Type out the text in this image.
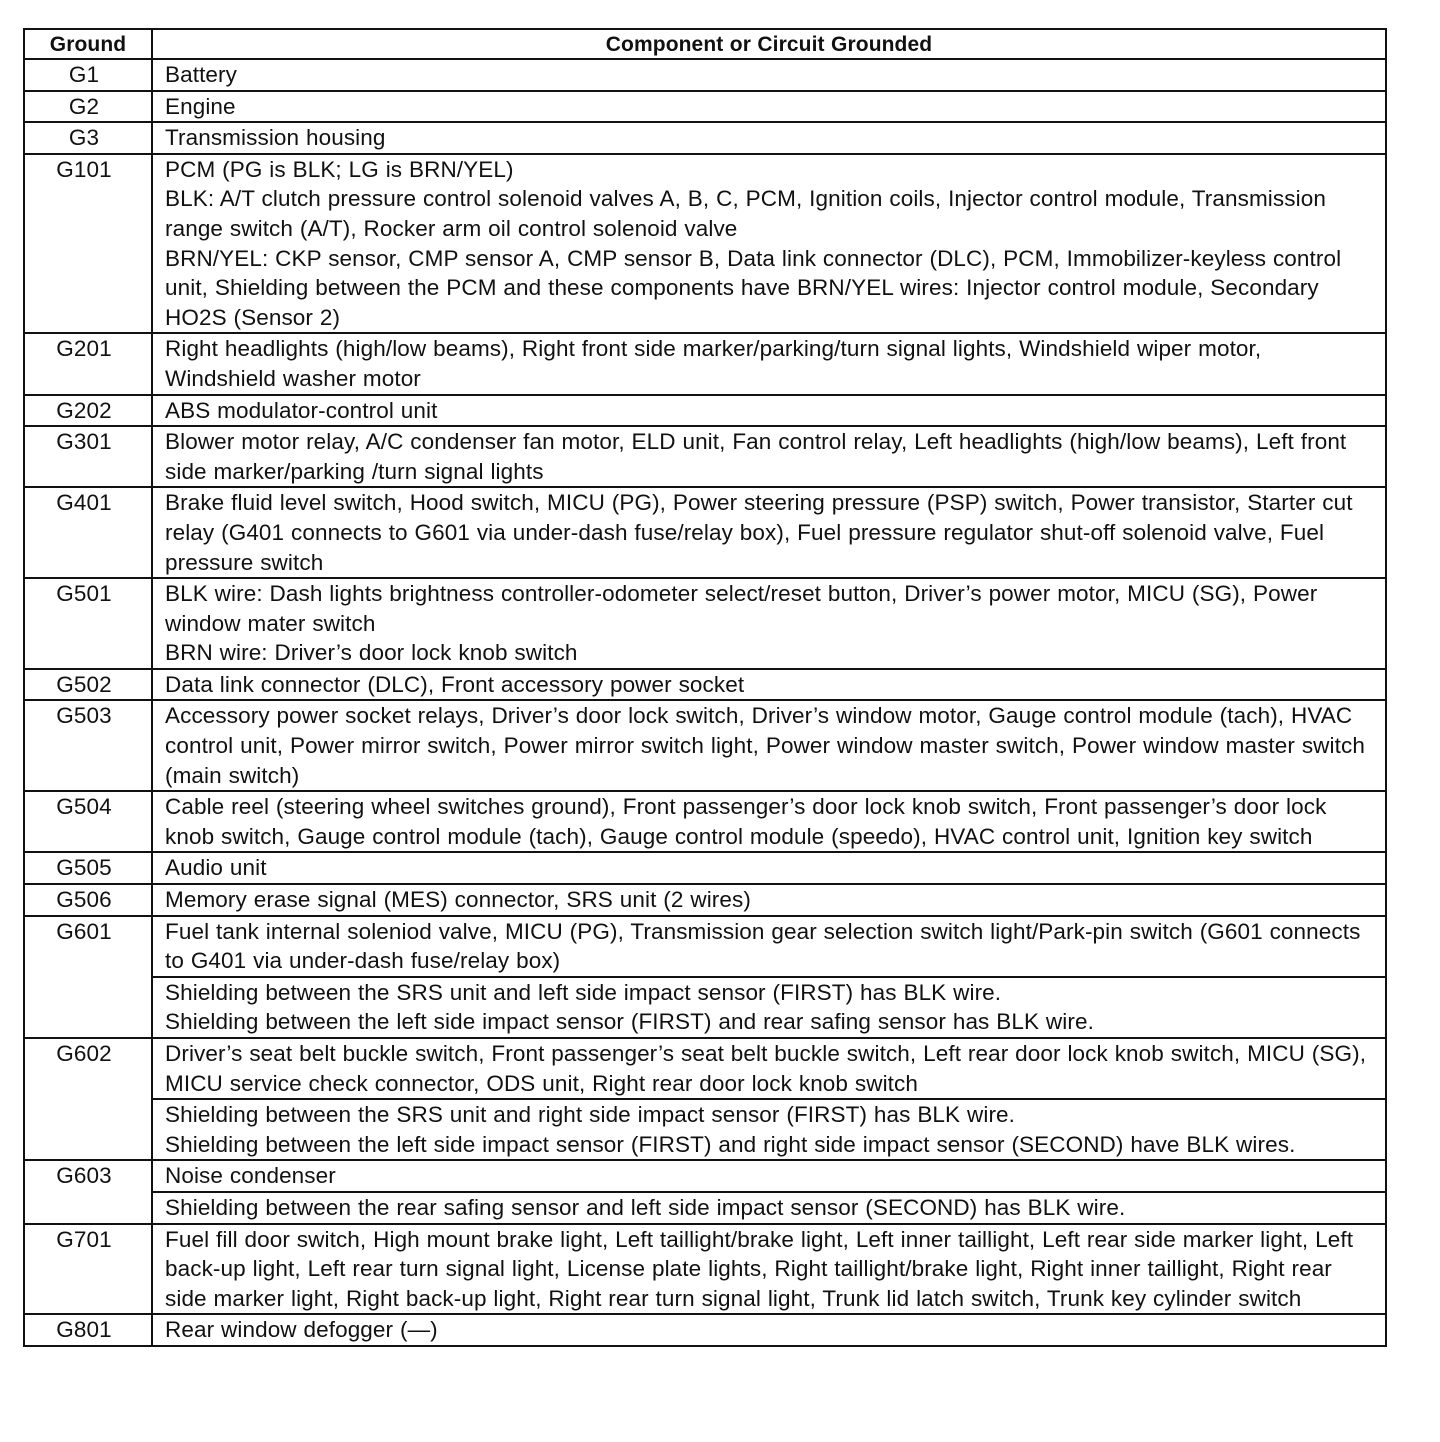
Ground	Component or Circuit Grounded
G1	Battery

G2	Engine

G3	Transmission housing

G101	PCM (PG is BLK; LG is BRN/YEL)
BLK: A/T clutch pressure control solenoid valves A, B, C, PCM, Ignition coils, Injector control module, Transmission range switch (A/T), Rocker arm oil control solenoid valve
BRN/YEL: CKP sensor, CMP sensor A, CMP sensor B, Data link connector (DLC), PCM, Immobilizer-keyless control unit, Shielding between the PCM and these components have BRN/YEL wires: Injector control module, Secondary HO2S (Sensor 2)

G201	Right headlights (high/low beams), Right front side marker/parking/turn signal lights, Windshield wiper motor, Windshield washer motor

G202	ABS modulator-control unit

G301	Blower motor relay, A/C condenser fan motor, ELD unit, Fan control relay, Left headlights (high/low beams), Left front side marker/parking /turn signal lights

G401	Brake fluid level switch, Hood switch, MICU (PG), Power steering pressure (PSP) switch, Power transistor, Starter cut relay (G401 connects to G601 via under-dash fuse/relay box), Fuel pressure regulator shut-off solenoid valve, Fuel pressure switch

G501	BLK wire: Dash lights brightness controller-odometer select/reset button, Driver’s power motor, MICU (SG), Power window mater switch
BRN wire: Driver’s door lock knob switch

G502	Data link connector (DLC), Front accessory power socket

G503	Accessory power socket relays, Driver’s door lock switch, Driver’s window motor, Gauge control module (tach), HVAC control unit, Power mirror switch, Power mirror switch light, Power window master switch, Power window master switch (main switch)

G504	Cable reel (steering wheel switches ground), Front passenger’s door lock knob switch, Front passenger’s door lock knob switch, Gauge control module (tach), Gauge control module (speedo), HVAC control unit, Ignition key switch

G505	Audio unit

G506	Memory erase signal (MES) connector, SRS unit (2 wires)

G601	Fuel tank internal soleniod valve, MICU (PG), Transmission gear selection switch light/Park-pin switch (G601 connects to G401 via under-dash fuse/relay box)
Shielding between the SRS unit and left side impact sensor (FIRST) has BLK wire.
Shielding between the left side impact sensor (FIRST) and rear safing sensor has BLK wire.

G602	Driver’s seat belt buckle switch, Front passenger’s seat belt buckle switch, Left rear door lock knob switch, MICU (SG), MICU service check connector, ODS unit, Right rear door lock knob switch
Shielding between the SRS unit and right side impact sensor (FIRST) has BLK wire.
Shielding between the left side impact sensor (FIRST) and right side impact sensor (SECOND) have BLK wires.

G603	Noise condenser
Shielding between the rear safing sensor and left side impact sensor (SECOND) has BLK wire.

G701	Fuel fill door switch, High mount brake light, Left taillight/brake light, Left inner taillight, Left rear side marker light, Left back-up light, Left rear turn signal light, License plate lights, Right taillight/brake light, Right inner taillight, Right rear side marker light, Right back-up light, Right rear turn signal light, Trunk lid latch switch, Trunk key cylinder switch

G801	Rear window defogger (—)
